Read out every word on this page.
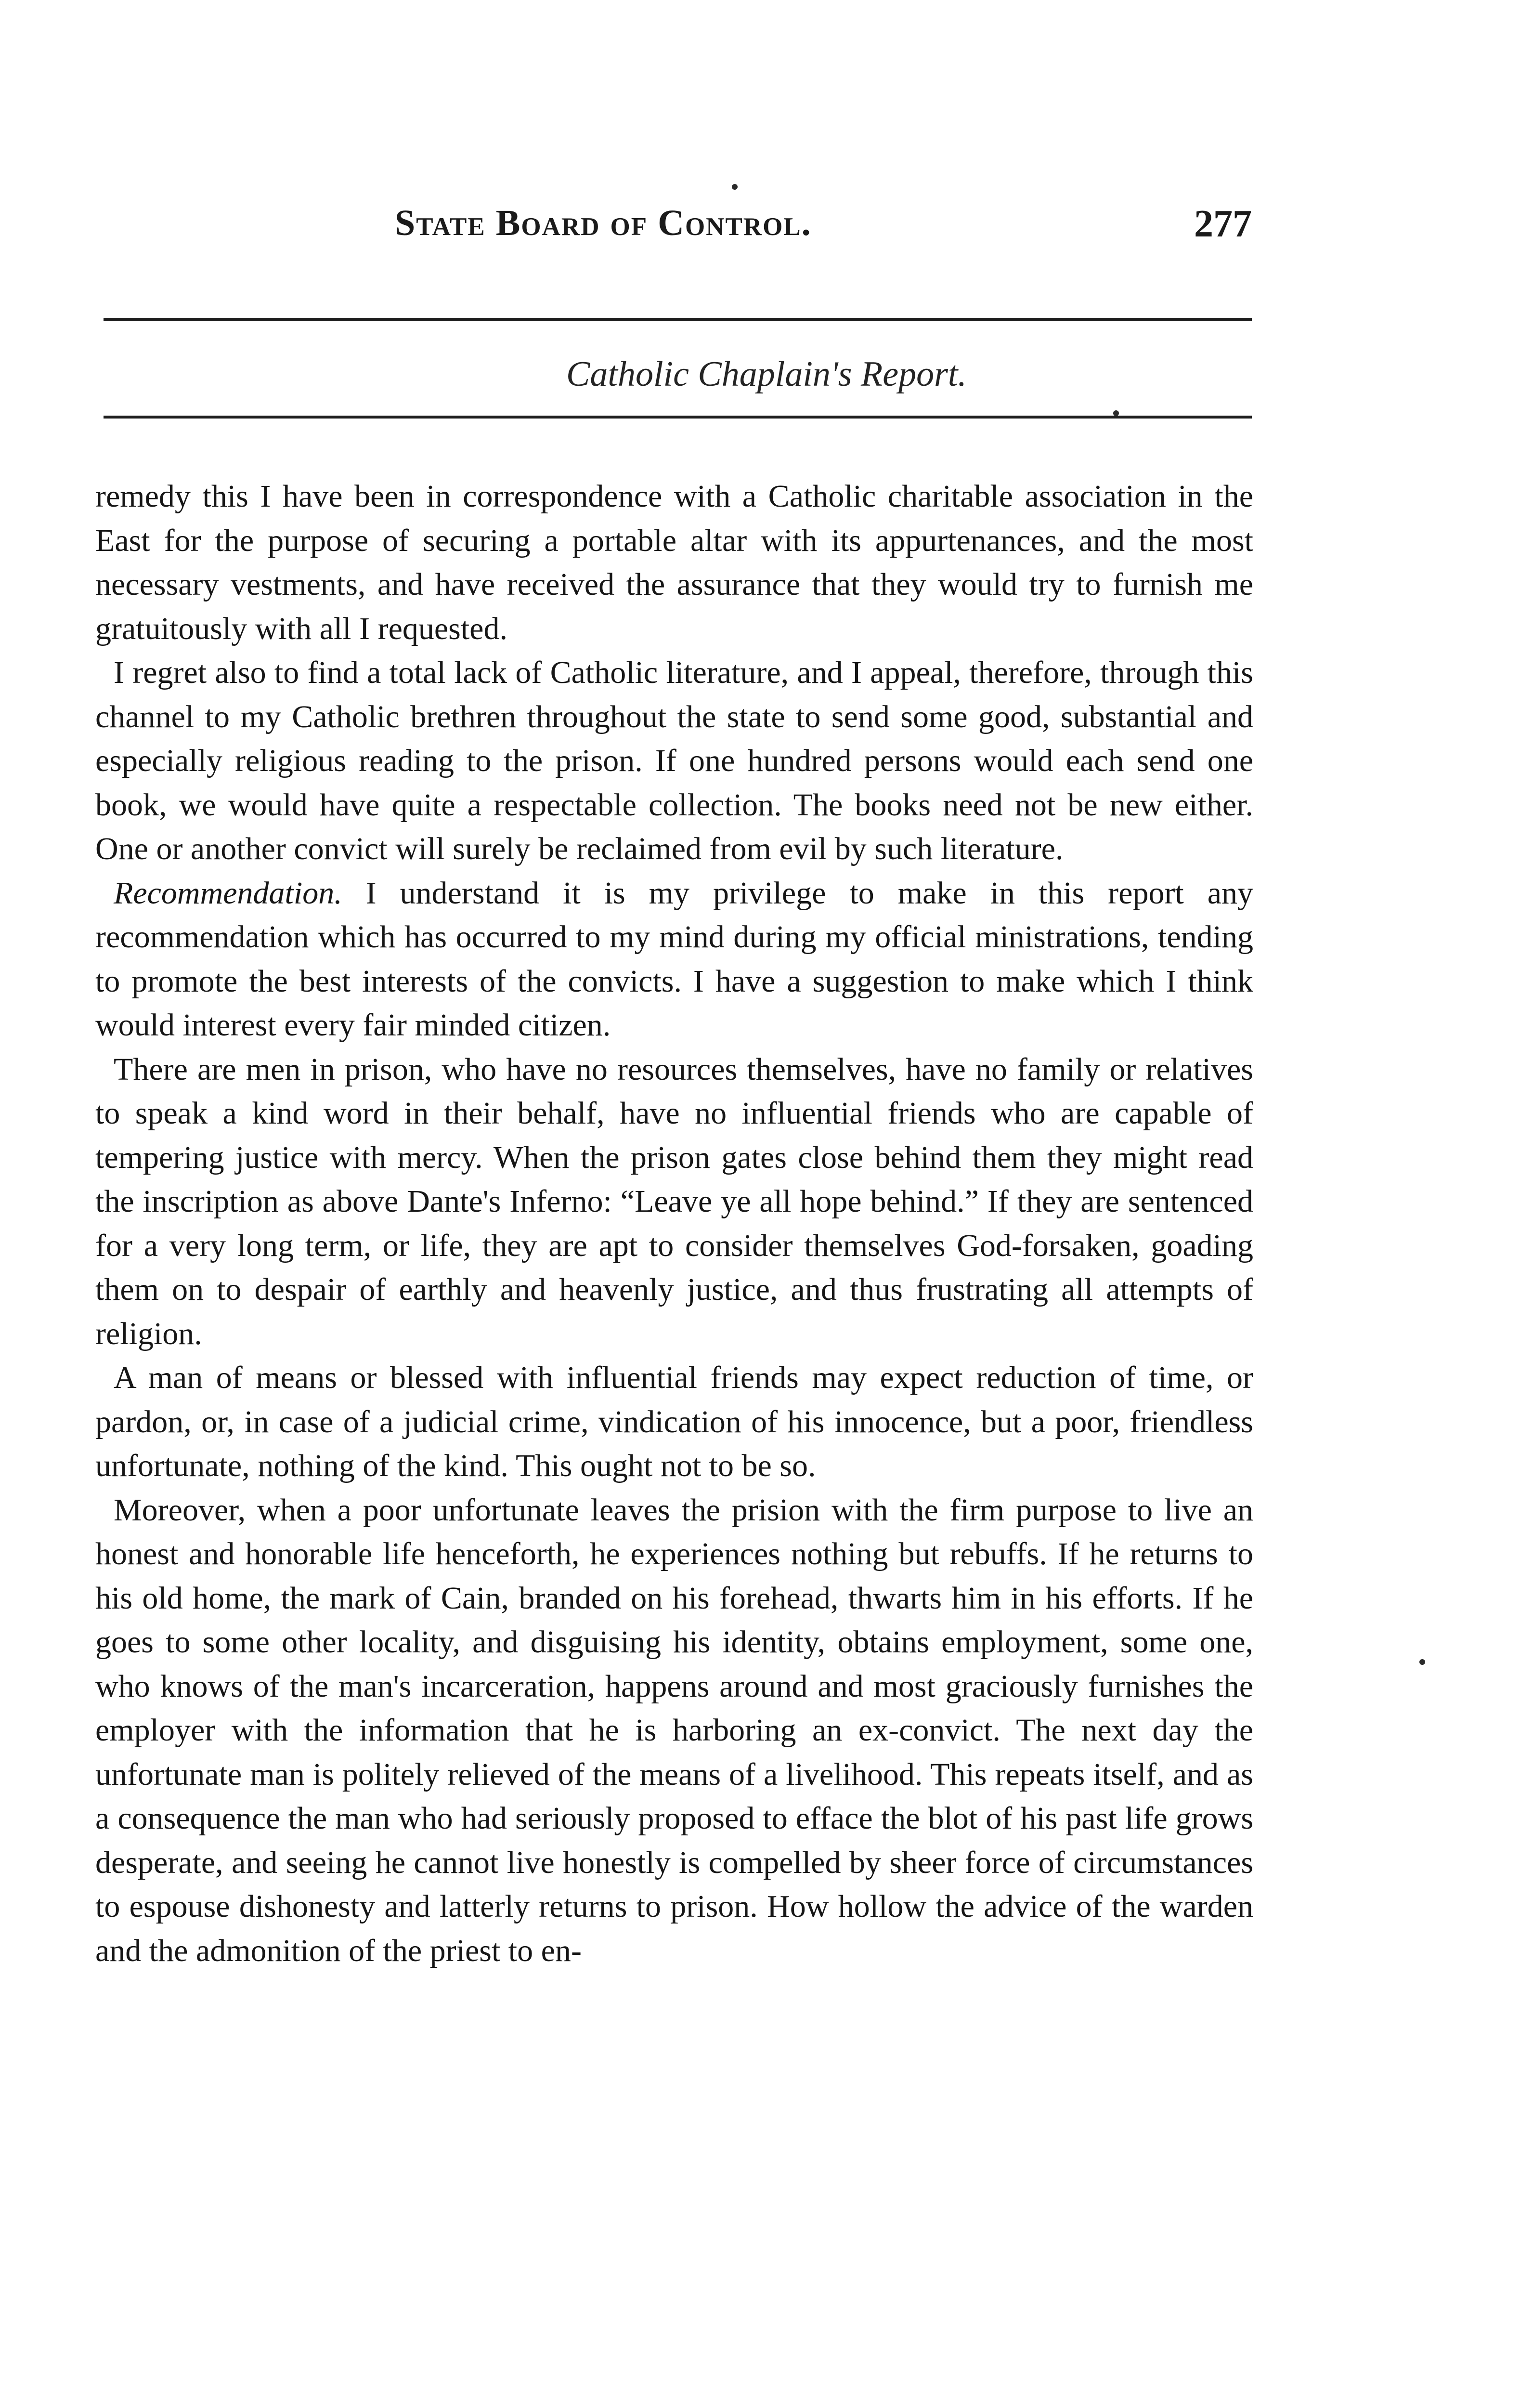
State Board of Control.	277
Catholic Chaplain's Report.

remedy this I have been in correspondence with a Catholic charitable association in the East for the purpose of securing a portable altar with its appurtenances, and the most necessary vestments, and have received the assurance that they would try to furnish me gratuitously with all I requested.

I regret also to find a total lack of Catholic literature, and I appeal, therefore, through this channel to my Catholic brethren throughout the state to send some good, substantial and especially religious reading to the prison. If one hundred persons would each send one book, we would have quite a respectable collection. The books need not be new either. One or another convict will surely be reclaimed from evil by such literature.

Recommendation. I understand it is my privilege to make in this report any recommendation which has occurred to my mind during my official ministrations, tending to promote the best interests of the convicts. I have a suggestion to make which I think would interest every fair minded citizen.

There are men in prison, who have no resources themselves, have no family or relatives to speak a kind word in their behalf, have no influential friends who are capable of tempering justice with mercy. When the prison gates close behind them they might read the inscription as above Dante's Inferno: “Leave ye all hope behind.” If they are sentenced for a very long term, or life, they are apt to consider themselves God-forsaken, goading them on to despair of earthly and heavenly justice, and thus frustrating all attempts of religion.

A man of means or blessed with influential friends may expect reduction of time, or pardon, or, in case of a judicial crime, vindication of his innocence, but a poor, friendless unfortunate, nothing of the kind. This ought not to be so.

Moreover, when a poor unfortunate leaves the prision with the firm purpose to live an honest and honorable life henceforth, he experiences nothing but rebuffs. If he returns to his old home, the mark of Cain, branded on his forehead, thwarts him in his efforts. If he goes to some other locality, and disguising his identity, obtains employment, some one, who knows of the man's incarceration, happens around and most graciously furnishes the employer with the information that he is harboring an ex-convict. The next day the unfortunate man is politely relieved of the means of a livelihood. This repeats itself, and as a consequence the man who had seriously proposed to efface the blot of his past life grows desperate, and seeing he cannot live honestly is compelled by sheer force of circumstances to espouse dishonesty and latterly returns to prison. How hollow the advice of the warden and the admonition of the priest to en-
